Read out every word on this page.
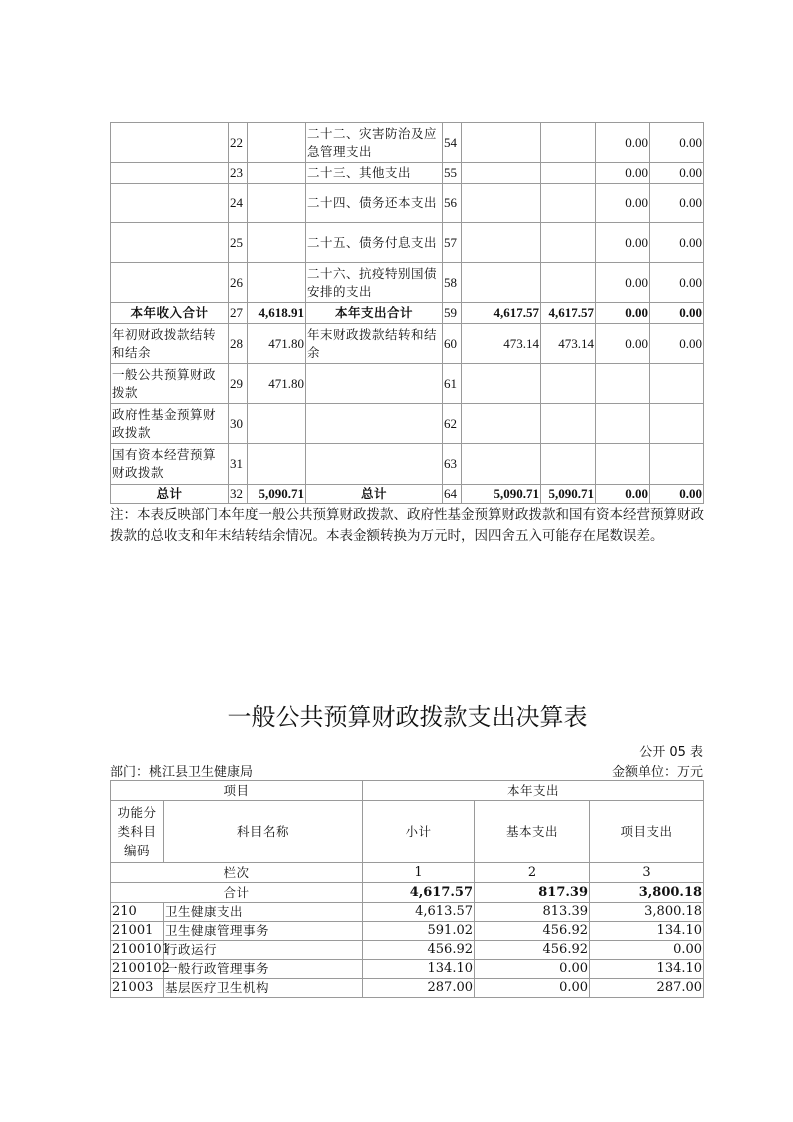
	22		二十二、灾害防治及应急管理支出	54			0.00	0.00
	23		二十三、其他支出	55			0.00	0.00
	24		二十四、债务还本支出	56			0.00	0.00
	25		二十五、债务付息支出	57			0.00	0.00
	26		二十六、抗疫特别国债安排的支出	58			0.00	0.00
本年收入合计	27	4,618.91	本年支出合计	59	4,617.57	4,617.57	0.00	0.00
年初财政拨款结转和结余	28	471.80	年末财政拨款结转和结余	60	473.14	473.14	0.00	0.00
一般公共预算财政拨款	29	471.80		61				
政府性基金预算财政拨款	30			62				
国有资本经营预算财政拨款	31			63				
总计	32	5,090.71	总计	64	5,090.71	5,090.71	0.00	0.00
注：本表反映部门本年度一般公共预算财政拨款、政府性基金预算财政拨款和国有资本经营预算财政拨款的总收支和年末结转结余情况。本表金额转换为万元时，因四舍五入可能存在尾数误差。
一般公共预算财政拨款支出决算表
公开 05 表
部门：桃江县卫生健康局	金额单位：万元
项目		本年支出		
功能分类科目编码	科目名称	小计	基本支出	项目支出
栏次		1	2	3
合计		4,617.57	817.39	3,800.18
210	卫生健康支出	4,613.57	813.39	3,800.18
21001	卫生健康管理事务	591.02	456.92	134.10
2100101	行政运行	456.92	456.92	0.00
2100102	一般行政管理事务	134.10	0.00	134.10
21003	基层医疗卫生机构	287.00	0.00	287.00
